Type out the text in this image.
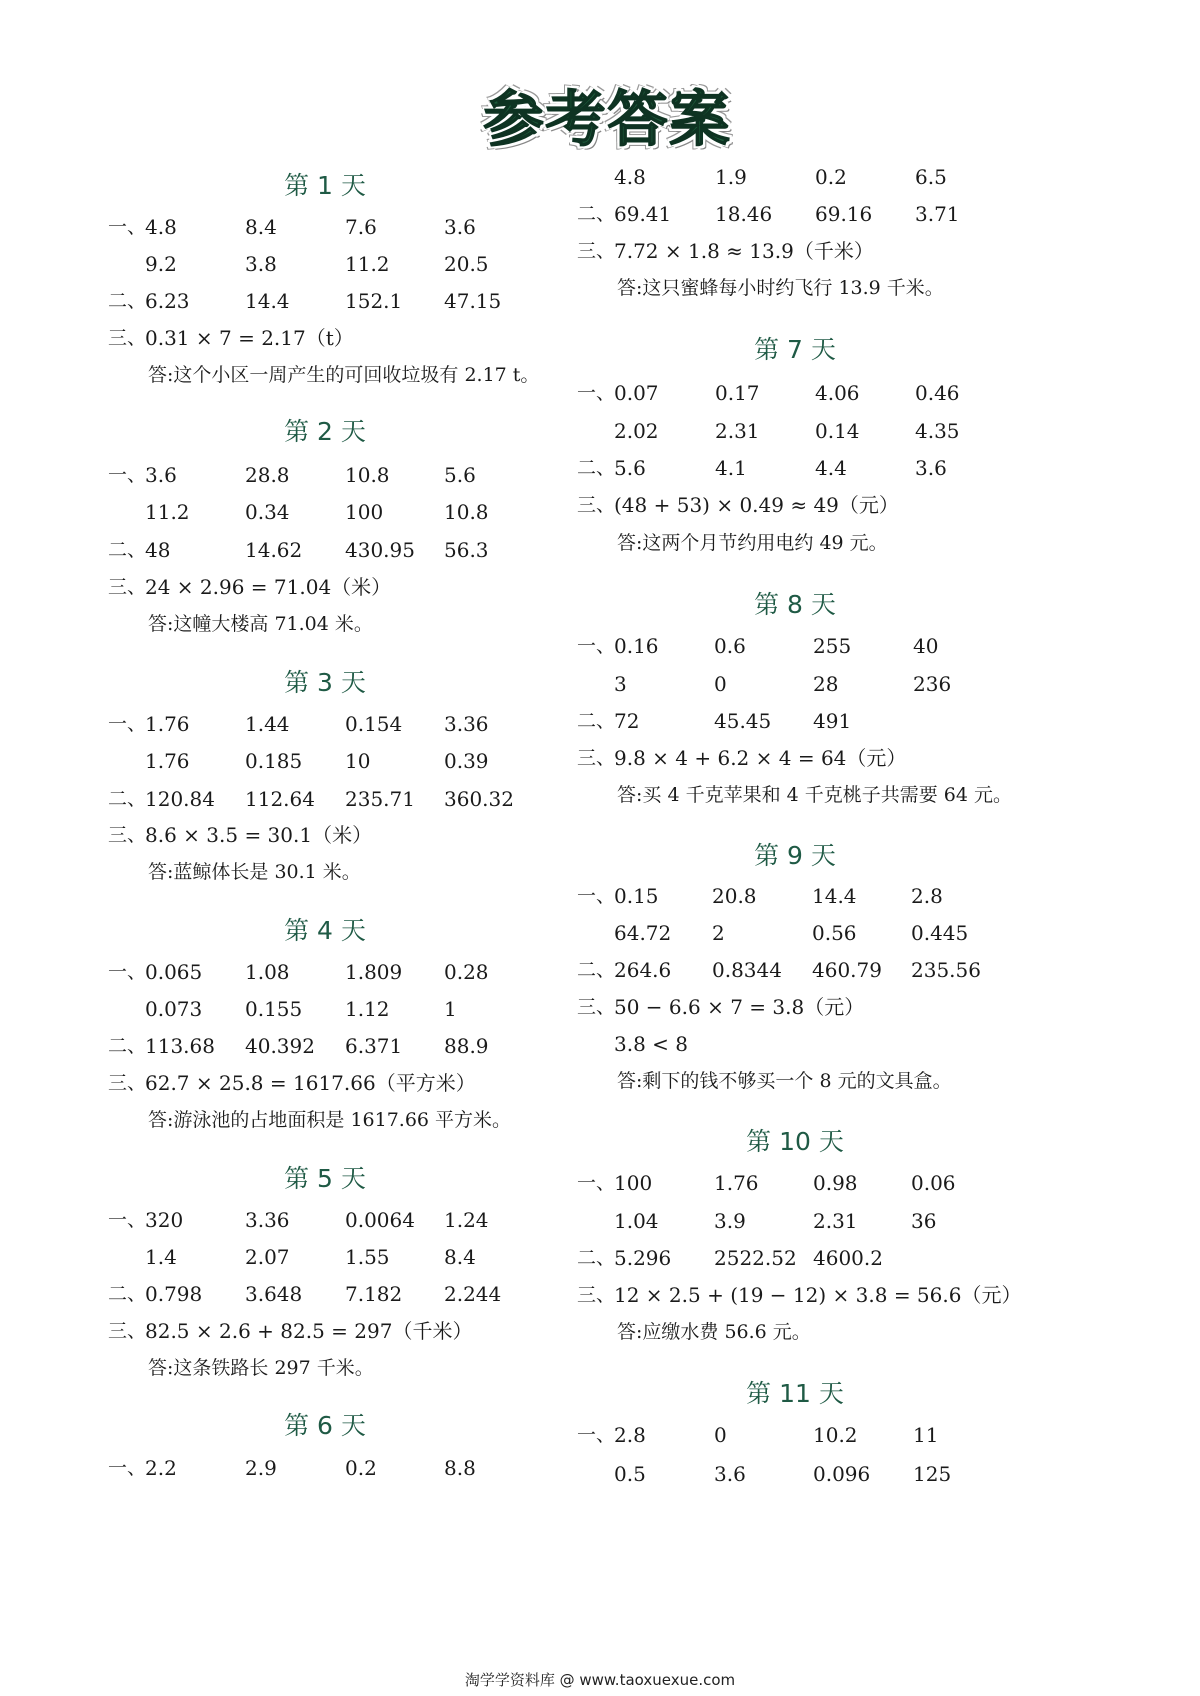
参考答案
第 1 天
一、
4.8	8.4	7.6	3.6
9.2	3.8	11.2	20.5
二、
6.23	14.4	152.1 47.15
三、
0.31 × 7 = 2.17（t）
答:这个小区一周产生的可回收垃圾有 2.17 t。
第 2 天
一、
3.6	28.8	10.8	5.6
11.2	0.34	100	10.8
二、
48	14.62 430.95 56.3
三、
24 × 2.96 = 71.04（米）
答:这幢大楼高 71.04 米。
第 3 天
一、
1.76	1.44	0.154 3.36
1.76	0.185 10	0.39
二、
120.84 112.64 235.71 360.32
三、
8.6 × 3.5 = 30.1（米）
答:蓝鲸体长是 30.1 米。
第 4 天
一、
0.065 1.08	1.809 0.28
0.073 0.155 1.12	1
二、
113.68 40.392 6.371 88.9
三、
62.7 × 25.8 = 1617.66（平方米）
答:游泳池的占地面积是 1617.66 平方米。
第 5 天
一、
320	3.36	0.0064 1.24
1.4	2.07	1.55	8.4
二、
0.798 3.648 7.182 2.244
三、
82.5 × 2.6 + 82.5 = 297（千米）
答:这条铁路长 297 千米。
第 6 天
一、
2.2	2.9	0.2	8.8
4.8	1.9	0.2	6.5
二、
69.41 18.46 69.16 3.71
三、
7.72 × 1.8 ≈ 13.9（千米）
答:这只蜜蜂每小时约飞行 13.9 千米。
第 7 天
一、
0.07	0.17	4.06	0.46
2.02	2.31	0.14	4.35
二、
5.6	4.1	4.4	3.6
三、
(48 + 53) × 0.49 ≈ 49（元）
答:这两个月节约用电约 49 元。
第 8 天
一、
0.16	0.6	255	40
3	0	28	236
二、
72	45.45 491
三、
9.8 × 4 + 6.2 × 4 = 64（元）
答:买 4 千克苹果和 4 千克桃子共需要 64 元。
第 9 天
一、
0.15	20.8	14.4	2.8
64.72 2	0.56	0.445
二、
264.6 0.8344 460.79 235.56
三、
50 − 6.6 × 7 = 3.8（元）
3.8 < 8
答:剩下的钱不够买一个 8 元的文具盒。
第 10 天
一、
100	1.76	0.98	0.06
1.04	3.9	2.31	36
二、
5.296 2522.52 4600.2
三、
12 × 2.5 + (19 − 12) × 3.8 = 56.6（元）
答:应缴水费 56.6 元。
第 11 天
一、
2.8	0	10.2	11
0.5	3.6	0.096 125
淘学学资料库 @ www.taoxuexue.com
